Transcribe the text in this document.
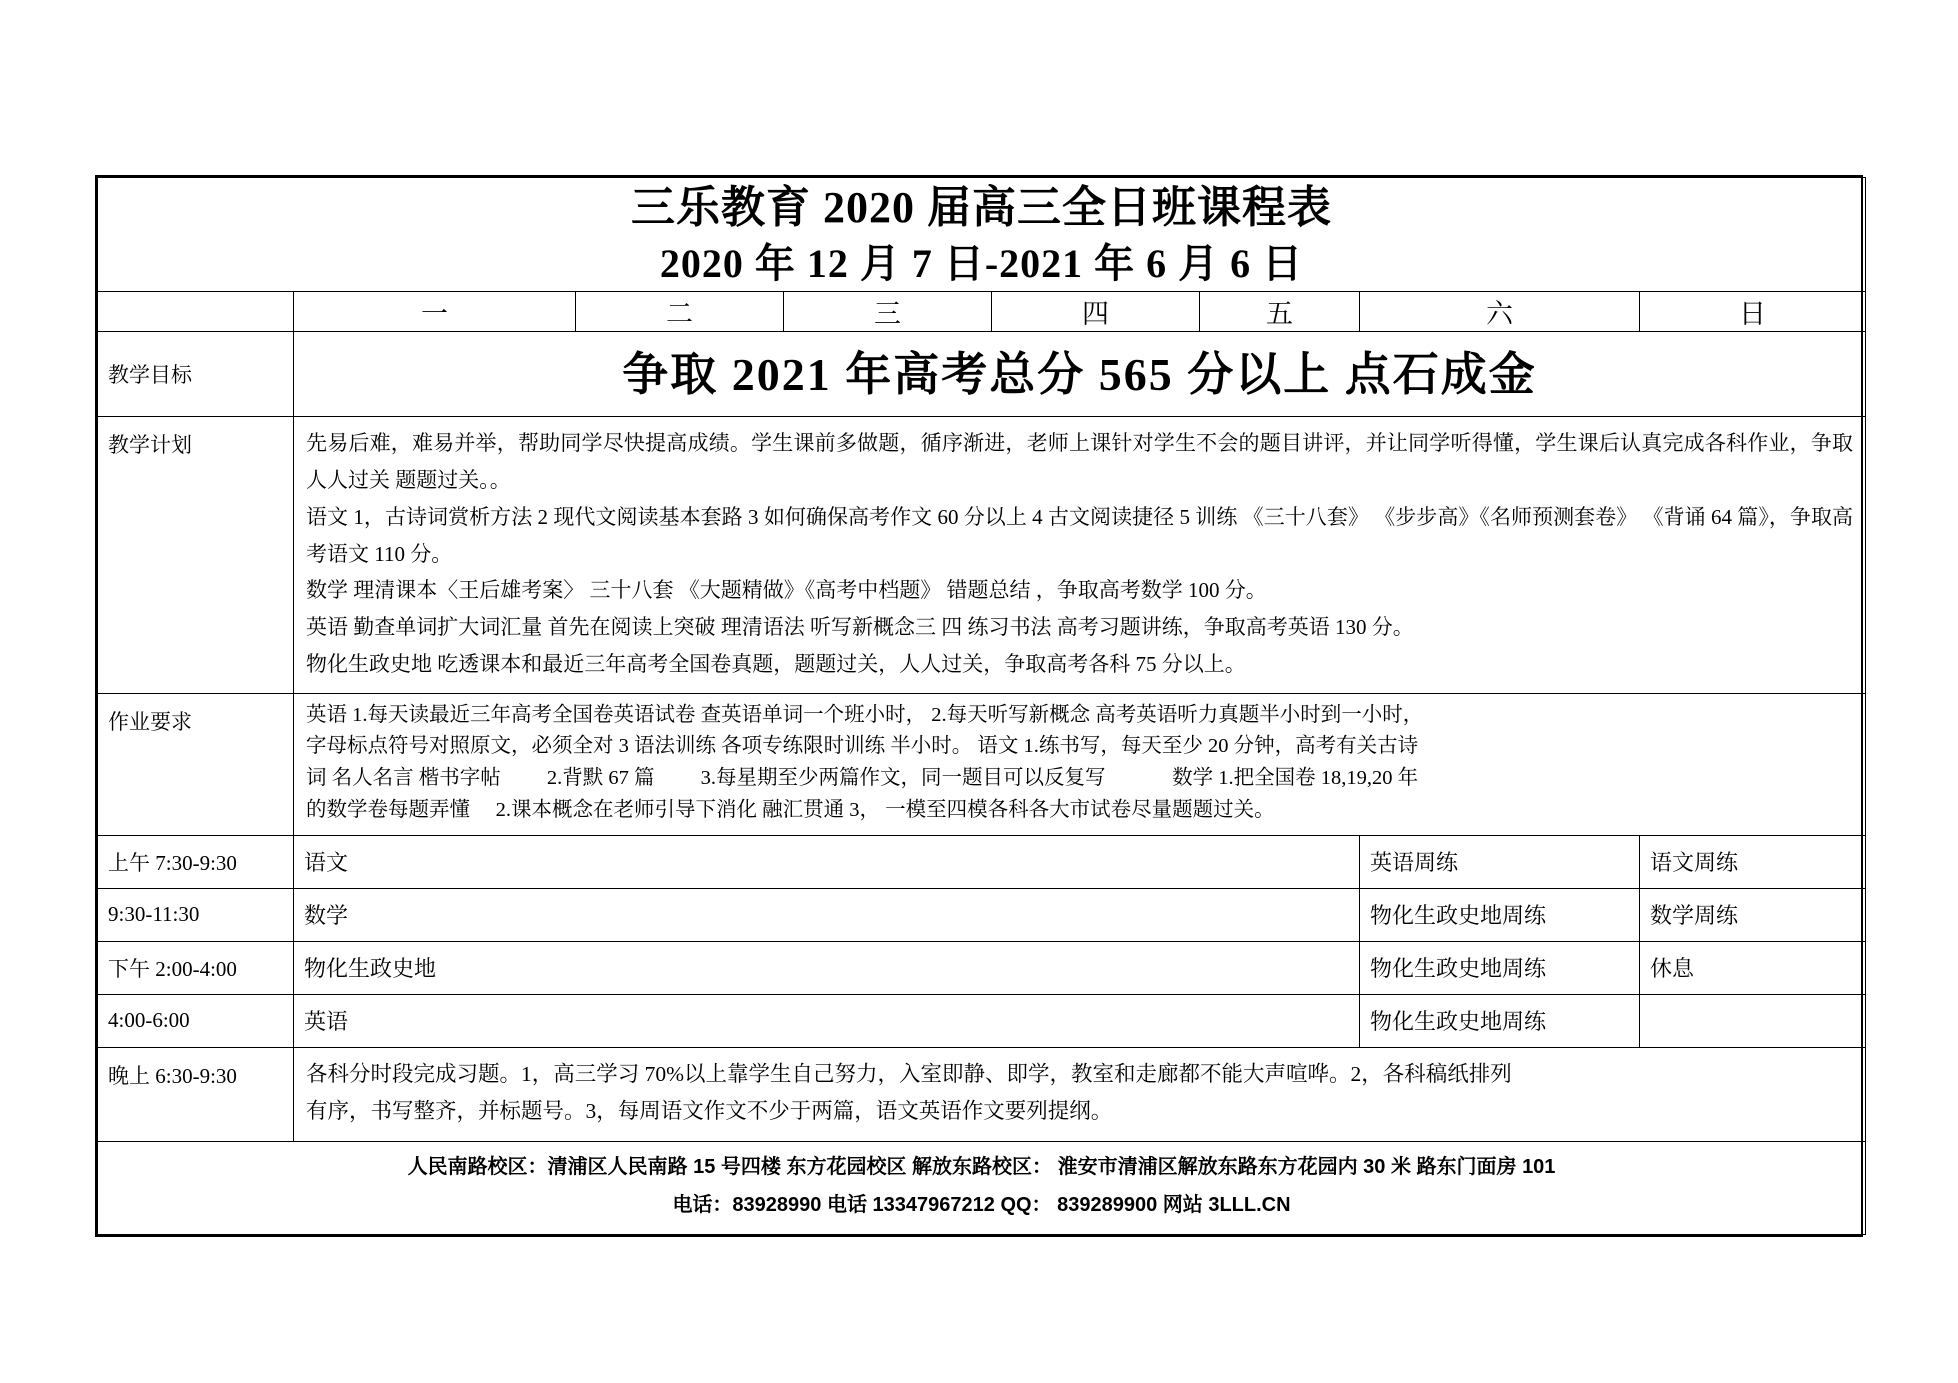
三乐教育 2020 届高三全日班课程表
2020 年 12 月 7 日-2021 年 6 月 6 日							

	一	二	三	四	五	六	日
教学目标	争取 2021 年高考总分 565 分以上 点石成金						
教学计划	先易后难，难易并举，帮助同学尽快提高成绩。学生课前多做题，循序渐进，老师上课针对学生不会的题目讲评，并让同学听得懂，学生课后认真完成各科作业，争取人人过关 题题过关。。

语文 1，古诗词赏析方法 2 现代文阅读基本套路 3 如何确保高考作文 60 分以上 4 古文阅读捷径 5 训练 《三十八套》 《步步高》《名师预测套卷》 《背诵 64 篇》，争取高考语文 110 分。

数学 理清课本〈王后雄考案〉 三十八套 《大题精做》《高考中档题》 错题总结 ，争取高考数学 100 分。

英语 勤查单词扩大词汇量 首先在阅读上突破 理清语法 听写新概念三 四 练习书法 高考习题讲练，争取高考英语 130 分。

物化生政史地 吃透课本和最近三年高考全国卷真题，题题过关，人人过关，争取高考各科 75 分以上。						

作业要求	英语 1.每天读最近三年高考全国卷英语试卷 查英语单词一个班小时， 2.每天听写新概念 高考英语听力真题半小时到一小时，

字母标点符号对照原文，必须全对 3 语法训练 各项专练限时训练 半小时。 语文 1.练书写，每天至少 20 分钟，高考有关古诗

词 名人名言 楷书字帖　　 2.背默 67 篇　　 3.每星期至少两篇作文，同一题目可以反复写　　　 数学 1.把全国卷 18,19,20 年

的数学卷每题弄懂　 2.课本概念在老师引导下消化 融汇贯通 3， 一模至四模各科各大市试卷尽量题题过关。						

上午 7:30-9:30	语文					英语周练	语文周练
9:30-11:30	数学					物化生政史地周练	数学周练
下午 2:00-4:00	物化生政史地					物化生政史地周练	休息
4:00-6:00	英语					物化生政史地周练	
晚上 6:30-9:30	各科分时段完成习题。1，高三学习 70%以上靠学生自己努力，入室即静、即学，教室和走廊都不能大声喧哗。2，各科稿纸排列

有序，书写整齐，并标题号。3，每周语文作文不少于两篇，语文英语作文要列提纲。						

人民南路校区：清浦区人民南路 15 号四楼 东方花园校区 解放东路校区： 淮安市清浦区解放东路东方花园内 30 米 路东门面房 101
电话：83928990 电话 13347967212 QQ： 839289900 网站 3LLL.CN							
